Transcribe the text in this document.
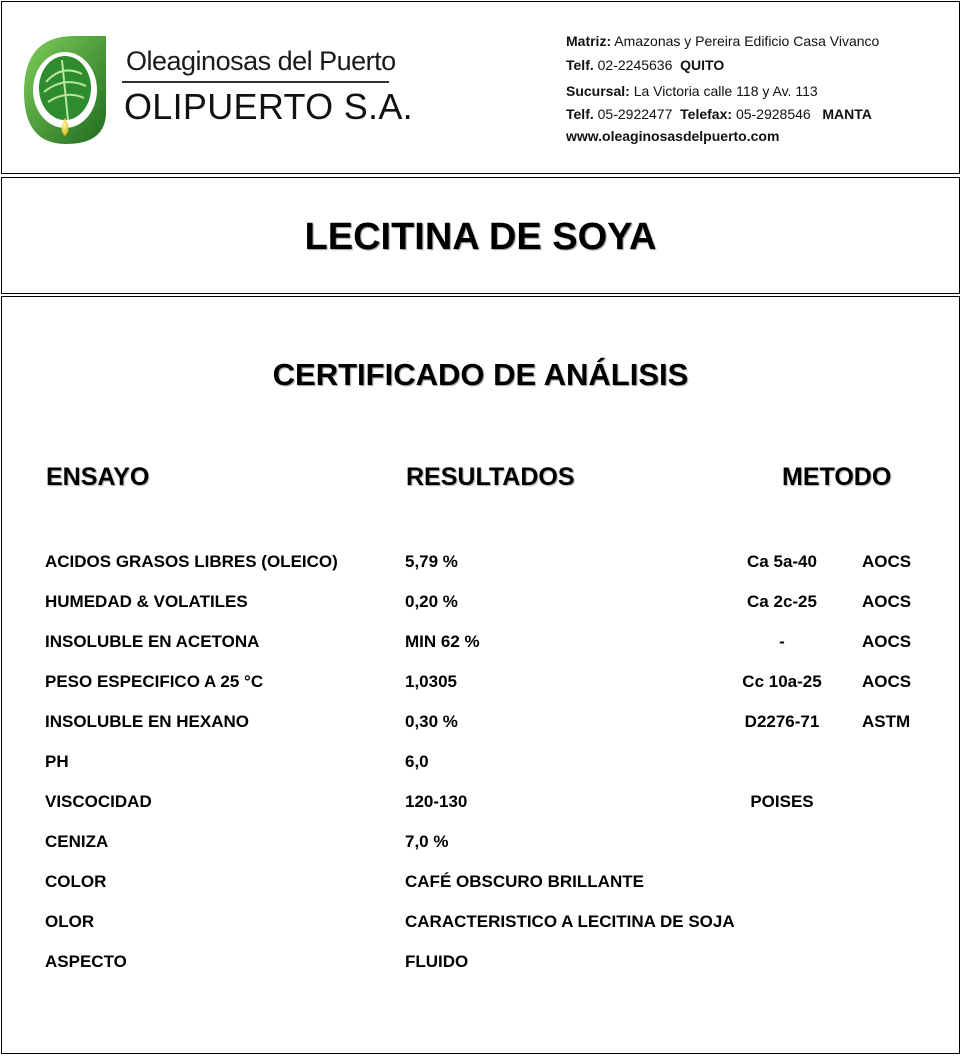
Oleaginosas del Puerto
OLIPUERTO S.A.
Matriz: Amazonas y Pereira Edificio Casa Vivanco
Telf. 02-2245636 QUITO
Sucursal: La Victoria calle 118 y Av. 113
Telf. 05-2922477 Telefax: 05-2928546 MANTA
www.oleaginosasdelpuerto.com
LECITINA DE SOYA
CERTIFICADO DE ANÁLISIS
ENSAYO	RESULTADOS	METODO
ACIDOS GRASOS LIBRES (OLEICO)	5,79 %	Ca 5a-40	AOCS
HUMEDAD & VOLATILES	0,20 %	Ca 2c-25	AOCS
INSOLUBLE EN ACETONA	MIN 62 %	-	AOCS
PESO ESPECIFICO A 25 °C	1,0305	Cc 10a-25 AOCS
INSOLUBLE EN HEXANO	0,30 %	D2276-71	ASTM
PH	6,0
VISCOCIDAD	120-130	POISES
CENIZA	7,0 %
COLOR	CAFÉ OBSCURO BRILLANTE
OLOR	CARACTERISTICO A LECITINA DE SOJA
ASPECTO	FLUIDO
